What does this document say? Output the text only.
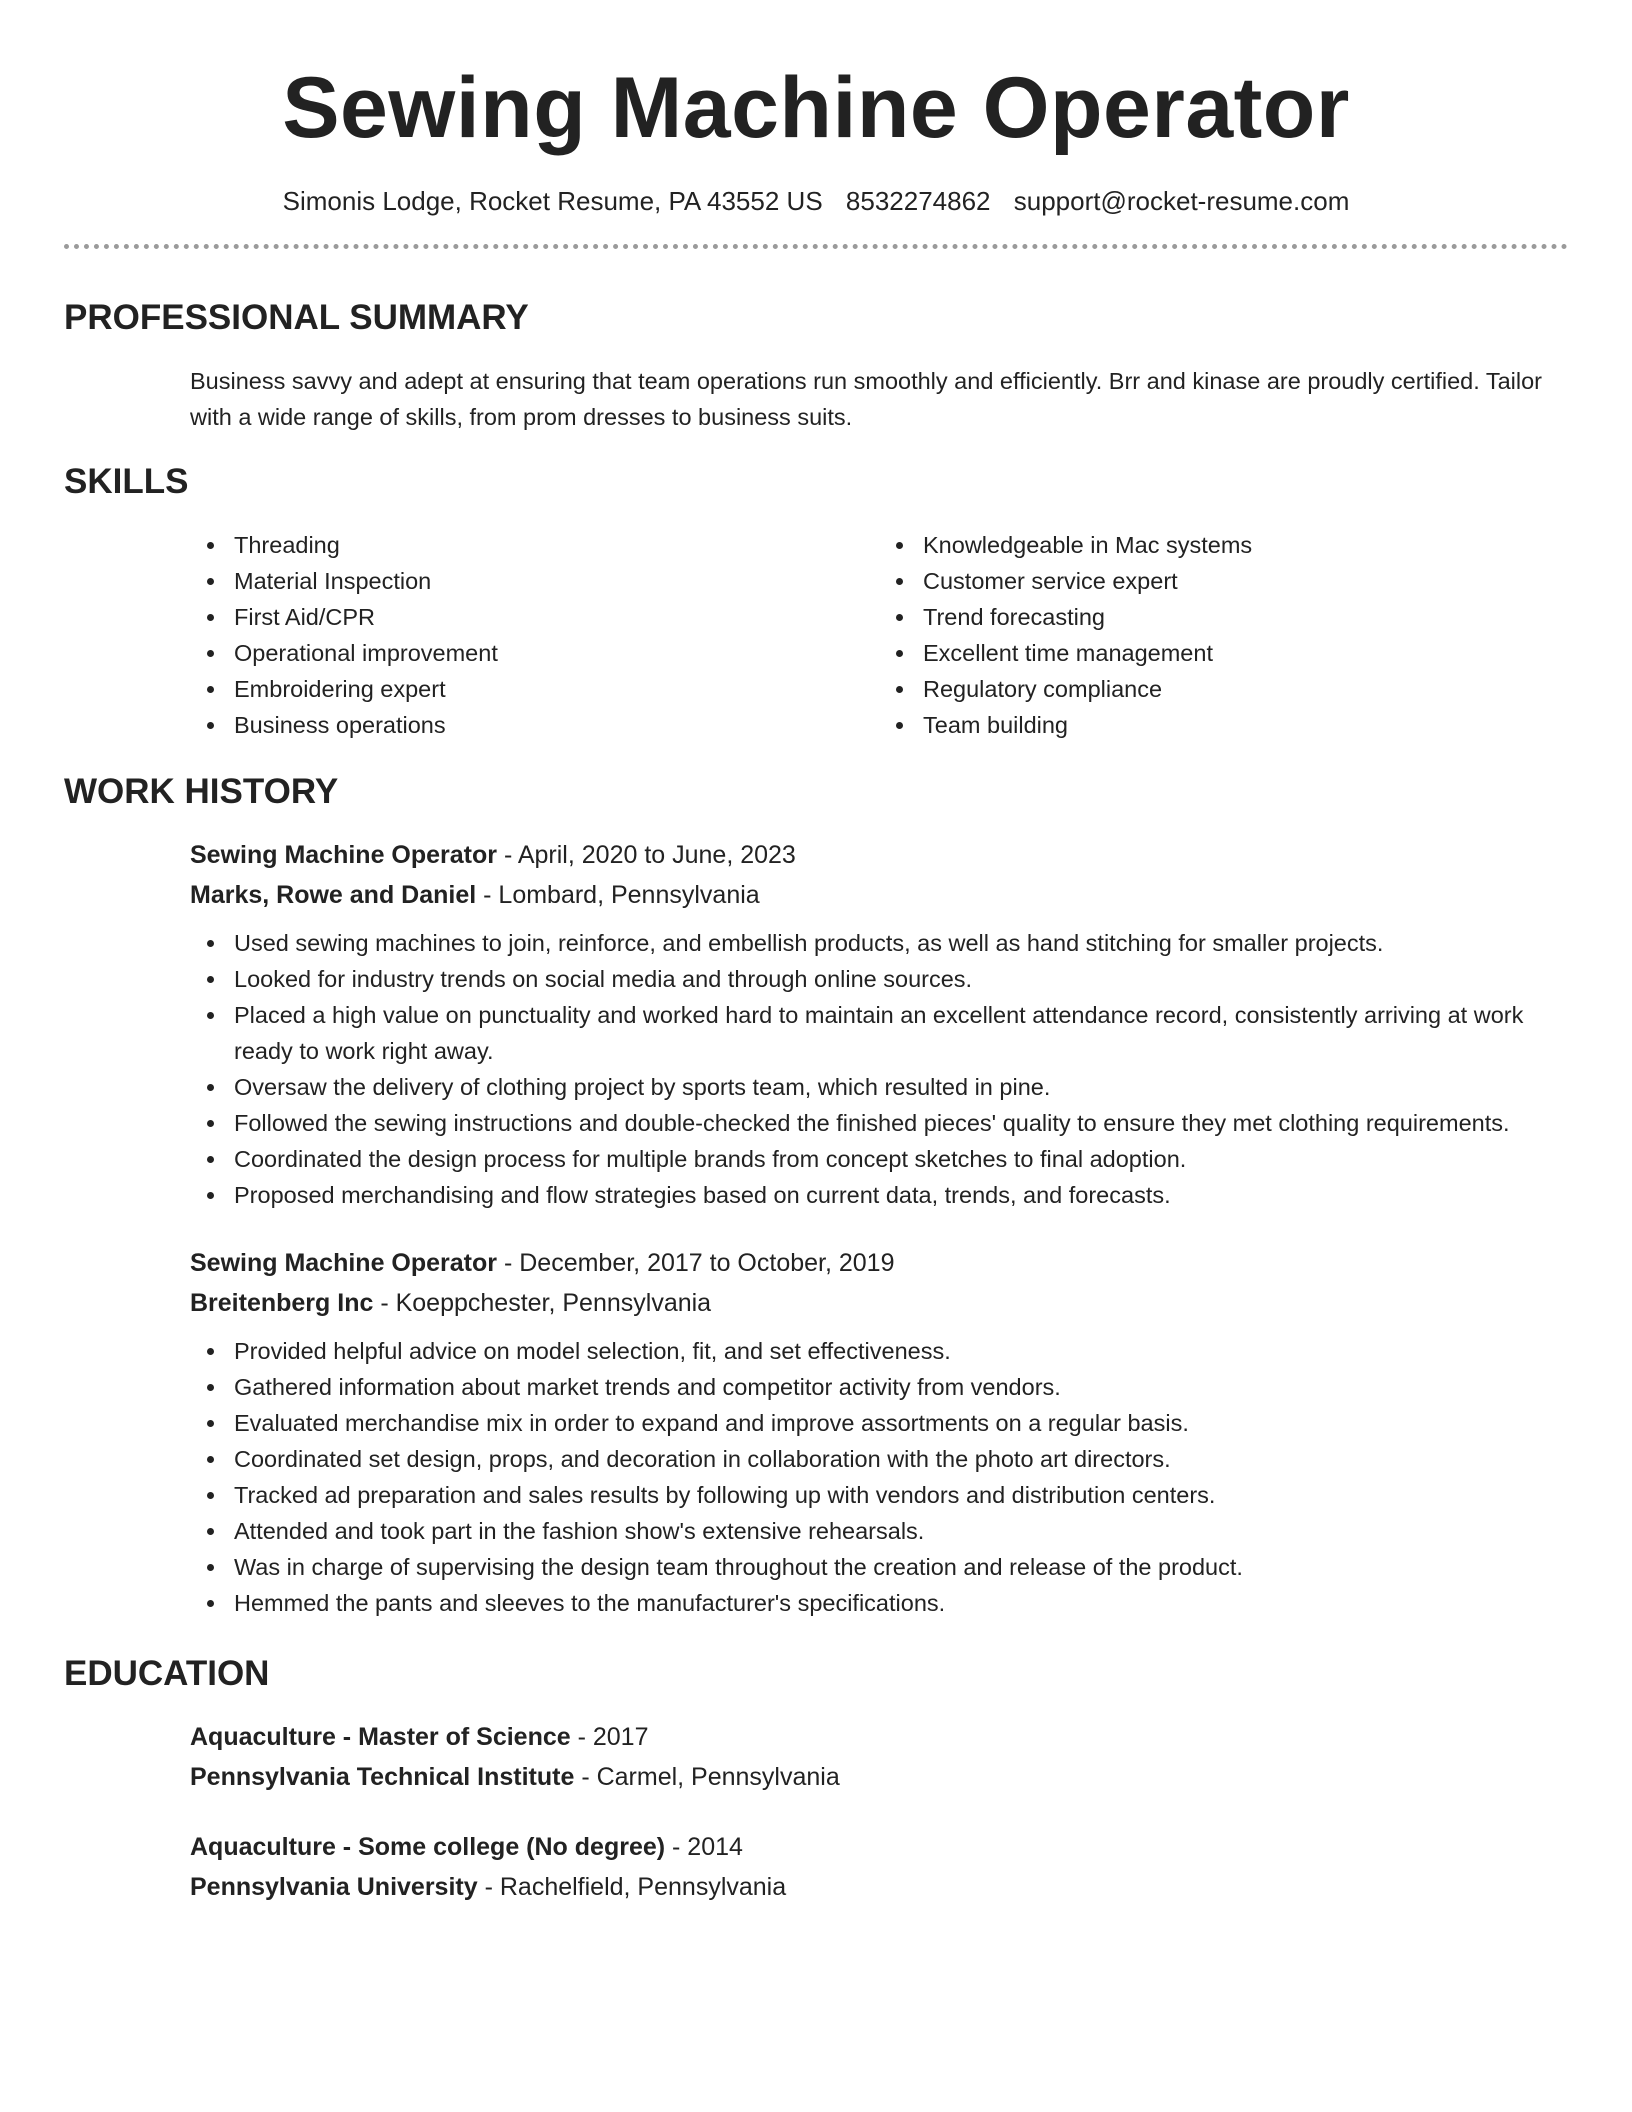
Sewing Machine Operator
Simonis Lodge, Rocket Resume, PA 43552 US 8532274862 support@rocket-resume.com
PROFESSIONAL SUMMARY

Business savvy and adept at ensuring that team operations run smoothly and efficiently. Brr and kinase are proudly certified. Tailor with a wide range of skills, from prom dresses to business suits.

SKILLS
Threading
Material Inspection
First Aid/CPR
Operational improvement
Embroidering expert
Business operations
Knowledgeable in Mac systems
Customer service expert
Trend forecasting
Excellent time management
Regulatory compliance
Team building
WORK HISTORY
Sewing Machine Operator - April, 2020 to June, 2023
Marks, Rowe and Daniel - Lombard, Pennsylvania
Used sewing machines to join, reinforce, and embellish products, as well as hand stitching for smaller projects.
Looked for industry trends on social media and through online sources.
Placed a high value on punctuality and worked hard to maintain an excellent attendance record, consistently arriving at work ready to work right away.
Oversaw the delivery of clothing project by sports team, which resulted in pine.
Followed the sewing instructions and double-checked the finished pieces' quality to ensure they met clothing requirements.
Coordinated the design process for multiple brands from concept sketches to final adoption.
Proposed merchandising and flow strategies based on current data, trends, and forecasts.
Sewing Machine Operator - December, 2017 to October, 2019
Breitenberg Inc - Koeppchester, Pennsylvania
Provided helpful advice on model selection, fit, and set effectiveness.
Gathered information about market trends and competitor activity from vendors.
Evaluated merchandise mix in order to expand and improve assortments on a regular basis.
Coordinated set design, props, and decoration in collaboration with the photo art directors.
Tracked ad preparation and sales results by following up with vendors and distribution centers.
Attended and took part in the fashion show's extensive rehearsals.
Was in charge of supervising the design team throughout the creation and release of the product.
Hemmed the pants and sleeves to the manufacturer's specifications.
EDUCATION
Aquaculture - Master of Science - 2017
Pennsylvania Technical Institute - Carmel, Pennsylvania
Aquaculture - Some college (No degree) - 2014
Pennsylvania University - Rachelfield, Pennsylvania
